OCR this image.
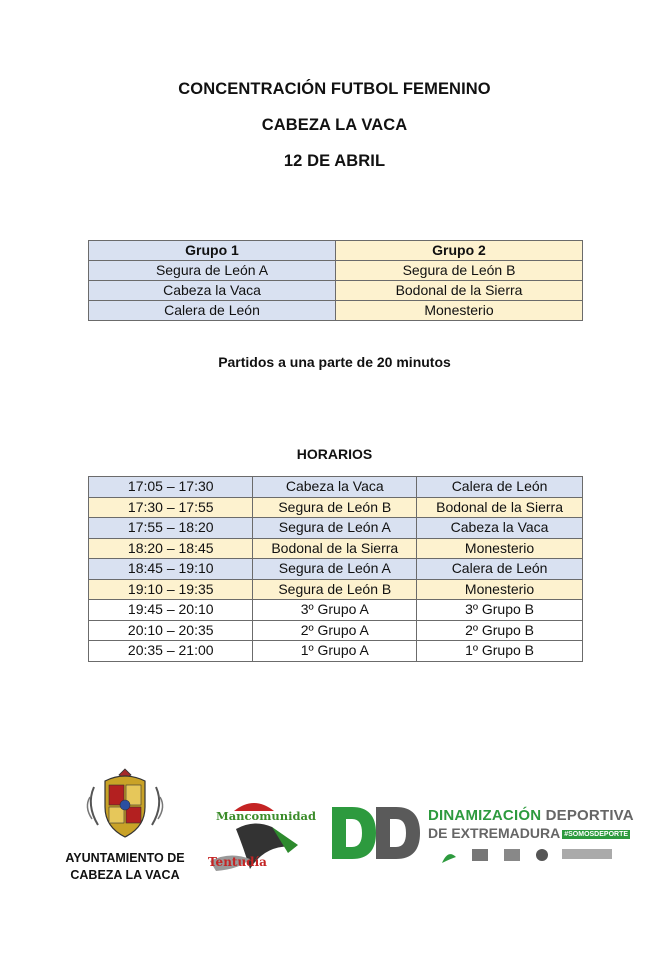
CONCENTRACIÓN FUTBOL FEMENINO
CABEZA LA VACA
12 DE ABRIL
Grupo 1	Grupo 2
Segura de León A	Segura de León B
Cabeza la Vaca	Bodonal de la Sierra
Calera de León	Monesterio
Partidos a una parte de 20 minutos
HORARIOS
17:05 – 17:30	Cabeza la Vaca	Calera de León
17:30 – 17:55	Segura de León B	Bodonal de la Sierra
17:55 – 18:20	Segura de León A	Cabeza la Vaca
18:20 – 18:45	Bodonal de la Sierra	Monesterio
18:45 – 19:10	Segura de León A	Calera de León
19:10 – 19:35	Segura de León B	Monesterio
19:45 – 20:10	3º Grupo A	3º Grupo B
20:10 – 20:35	2º Grupo A	2º Grupo B
20:35 – 21:00	1º Grupo A	1º Grupo B
AYUNTAMIENTO DE
CABEZA LA VACA
Mancomunidad
Tentudía
DINAMIZACIÓN DEPORTIVA
DE EXTREMADURA #SOMOSDEPORTE
